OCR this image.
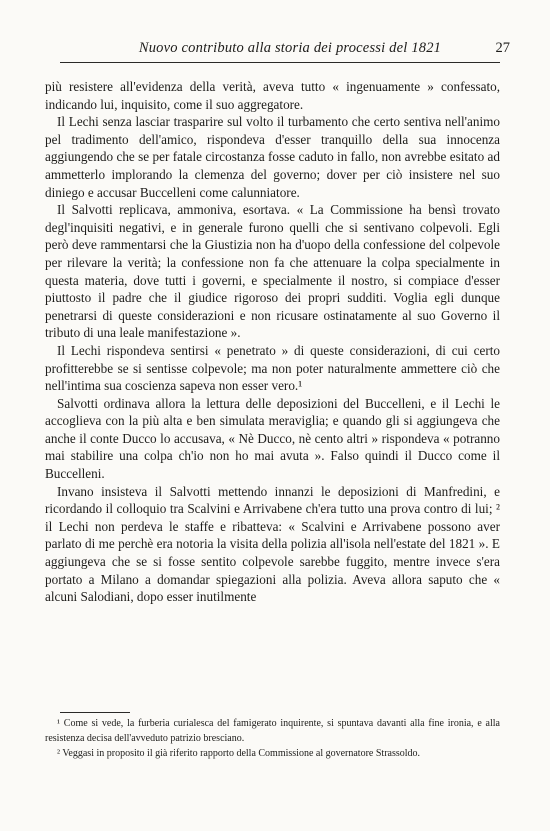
Nuovo contributo alla storia dei processi del 1821	27

più resistere all'evidenza della verità, aveva tutto « ingenuamente » confessato, indicando lui, inquisito, come il suo aggregatore.

Il Lechi senza lasciar trasparire sul volto il turbamento che certo sentiva nell'animo pel tradimento dell'amico, rispondeva d'esser tranquillo della sua innocenza aggiungendo che se per fatale circostanza fosse caduto in fallo, non avrebbe esitato ad ammetterlo implorando la clemenza del governo; dover per ciò insistere nel suo diniego e accusar Buccelleni come calunniatore.

Il Salvotti replicava, ammoniva, esortava. « La Commissione ha bensì trovato degl'inquisiti negativi, e in generale furono quelli che si sentivano colpevoli. Egli però deve rammentarsi che la Giustizia non ha d'uopo della confessione del colpevole per rilevare la verità; la confessione non fa che attenuare la colpa specialmente in questa materia, dove tutti i governi, e specialmente il nostro, si compiace d'esser piuttosto il padre che il giudice rigoroso dei propri sudditi. Voglia egli dunque penetrarsi di queste considerazioni e non ricusare ostinatamente al suo Governo il tributo di una leale manifestazione ».

Il Lechi rispondeva sentirsi « penetrato » di queste considerazioni, di cui certo profitterebbe se si sentisse colpevole; ma non poter naturalmente ammettere ciò che nell'intima sua coscienza sapeva non esser vero.¹

Salvotti ordinava allora la lettura delle deposizioni del Buccelleni, e il Lechi le accoglieva con la più alta e ben simulata meraviglia; e quando gli si aggiungeva che anche il conte Ducco lo accusava, « Nè Ducco, nè cento altri » rispondeva « potranno mai stabilire una colpa ch'io non ho mai avuta ». Falso quindi il Ducco come il Buccelleni.

Invano insisteva il Salvotti mettendo innanzi le deposizioni di Manfredini, e ricordando il colloquio tra Scalvini e Arrivabene ch'era tutto una prova contro di lui; ² il Lechi non perdeva le staffe e ribatteva: « Scalvini e Arrivabene possono aver parlato di me perchè era notoria la visita della polizia all'isola nell'estate del 1821 ». E aggiungeva che se si fosse sentito colpevole sarebbe fuggito, mentre invece s'era portato a Milano a domandar spiegazioni alla polizia. Aveva allora saputo che « alcuni Salodiani, dopo esser inutilmente

¹ Come si vede, la furberia curialesca del famigerato inquirente, si spuntava davanti alla fine ironia, e alla resistenza decisa dell'avveduto patrizio bresciano.

² Veggasi in proposito il già riferito rapporto della Commissione al governatore Strassoldo.
